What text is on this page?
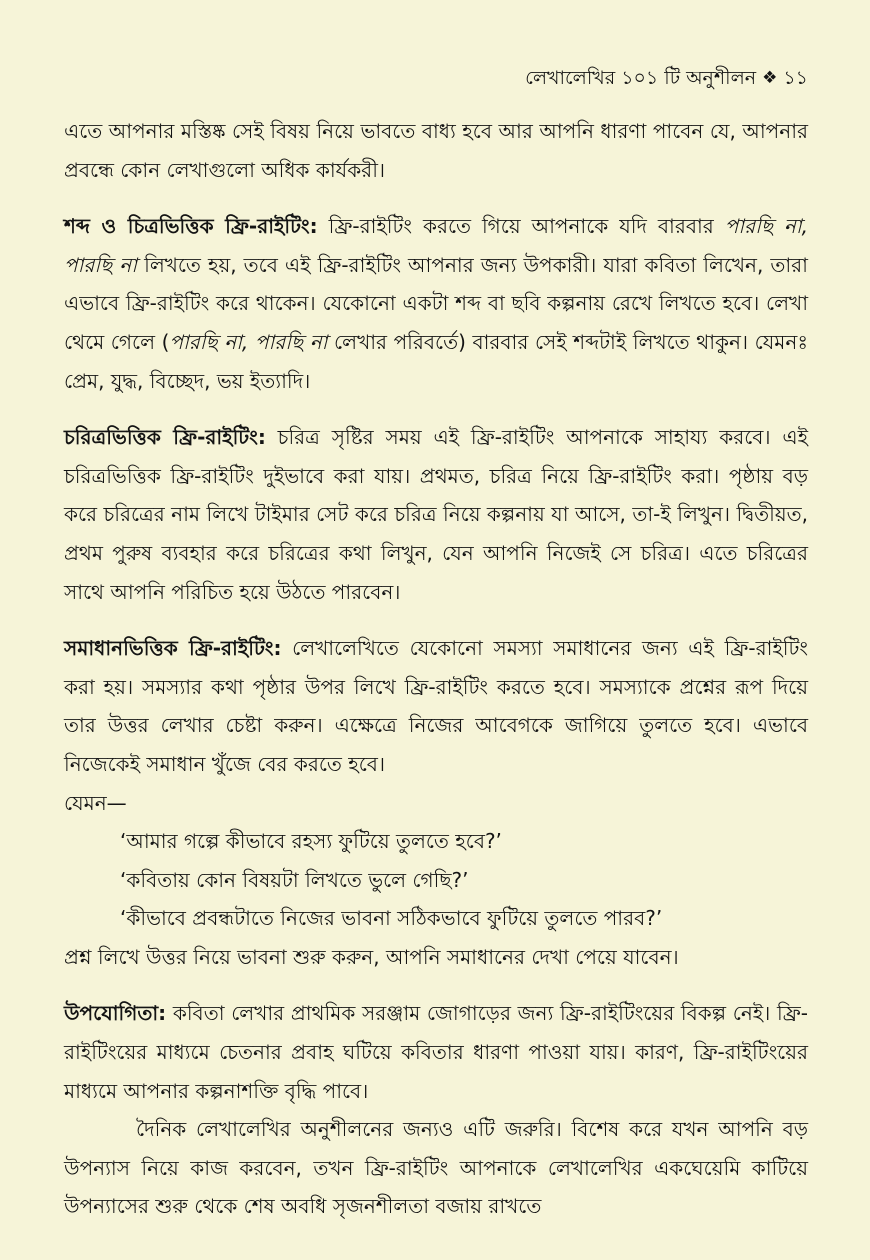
লেখালেখির ১০১ টি অনুশীলন ❖ ১১

এতে আপনার মস্তিষ্ক সেই বিষয় নিয়ে ভাবতে বাধ্য হবে আর আপনি ধারণা পাবেন যে, আপনার প্রবন্ধে কোন লেখাগুলো অধিক কার্যকরী।

শব্দ ও চিত্রভিত্তিক ফ্রি-রাইটিং: ফ্রি-রাইটিং করতে গিয়ে আপনাকে যদি বারবার পারছি না, পারছি না লিখতে হয়, তবে এই ফ্রি-রাইটিং আপনার জন্য উপকারী। যারা কবিতা লিখেন, তারা এভাবে ফ্রি-রাইটিং করে থাকেন। যেকোনো একটা শব্দ বা ছবি কল্পনায় রেখে লিখতে হবে। লেখা থেমে গেলে (পারছি না, পারছি না লেখার পরিবর্তে) বারবার সেই শব্দটাই লিখতে থাকুন। যেমনঃ প্রেম, যুদ্ধ, বিচ্ছেদ, ভয় ইত্যাদি।

চরিত্রভিত্তিক ফ্রি-রাইটিং: চরিত্র সৃষ্টির সময় এই ফ্রি-রাইটিং আপনাকে সাহায্য করবে। এই চরিত্রভিত্তিক ফ্রি-রাইটিং দুইভাবে করা যায়। প্রথমত, চরিত্র নিয়ে ফ্রি-রাইটিং করা। পৃষ্ঠায় বড় করে চরিত্রের নাম লিখে টাইমার সেট করে চরিত্র নিয়ে কল্পনায় যা আসে, তা-ই লিখুন। দ্বিতীয়ত, প্রথম পুরুষ ব্যবহার করে চরিত্রের কথা লিখুন, যেন আপনি নিজেই সে চরিত্র। এতে চরিত্রের সাথে আপনি পরিচিত হয়ে উঠতে পারবেন।

সমাধানভিত্তিক ফ্রি-রাইটিং: লেখালেখিতে যেকোনো সমস্যা সমাধানের জন্য এই ফ্রি-রাইটিং করা হয়। সমস্যার কথা পৃষ্ঠার উপর লিখে ফ্রি-রাইটিং করতে হবে। সমস্যাকে প্রশ্নের রূপ দিয়ে তার উত্তর লেখার চেষ্টা করুন। এক্ষেত্রে নিজের আবেগকে জাগিয়ে তুলতে হবে। এভাবে নিজেকেই সমাধান খুঁজে বের করতে হবে।
যেমন—
‘আমার গল্পে কীভাবে রহস্য ফুটিয়ে তুলতে হবে?’
‘কবিতায় কোন বিষয়টা লিখতে ভুলে গেছি?’
‘কীভাবে প্রবন্ধটাতে নিজের ভাবনা সঠিকভাবে ফুটিয়ে তুলতে পারব?’
প্রশ্ন লিখে উত্তর নিয়ে ভাবনা শুরু করুন, আপনি সমাধানের দেখা পেয়ে যাবেন।

উপযোগিতা: কবিতা লেখার প্রাথমিক সরঞ্জাম জোগাড়ের জন্য ফ্রি-রাইটিংয়ের বিকল্প নেই। ফ্রি-রাইটিংয়ের মাধ্যমে চেতনার প্রবাহ ঘটিয়ে কবিতার ধারণা পাওয়া যায়। কারণ, ফ্রি-রাইটিংয়ের মাধ্যমে আপনার কল্পনাশক্তি বৃদ্ধি পাবে।

দৈনিক লেখালেখির অনুশীলনের জন্যও এটি জরুরি। বিশেষ করে যখন আপনি বড় উপন্যাস নিয়ে কাজ করবেন, তখন ফ্রি-রাইটিং আপনাকে লেখালেখির একঘেয়েমি কাটিয়ে উপন্যাসের শুরু থেকে শেষ অবধি সৃজনশীলতা বজায় রাখতে
